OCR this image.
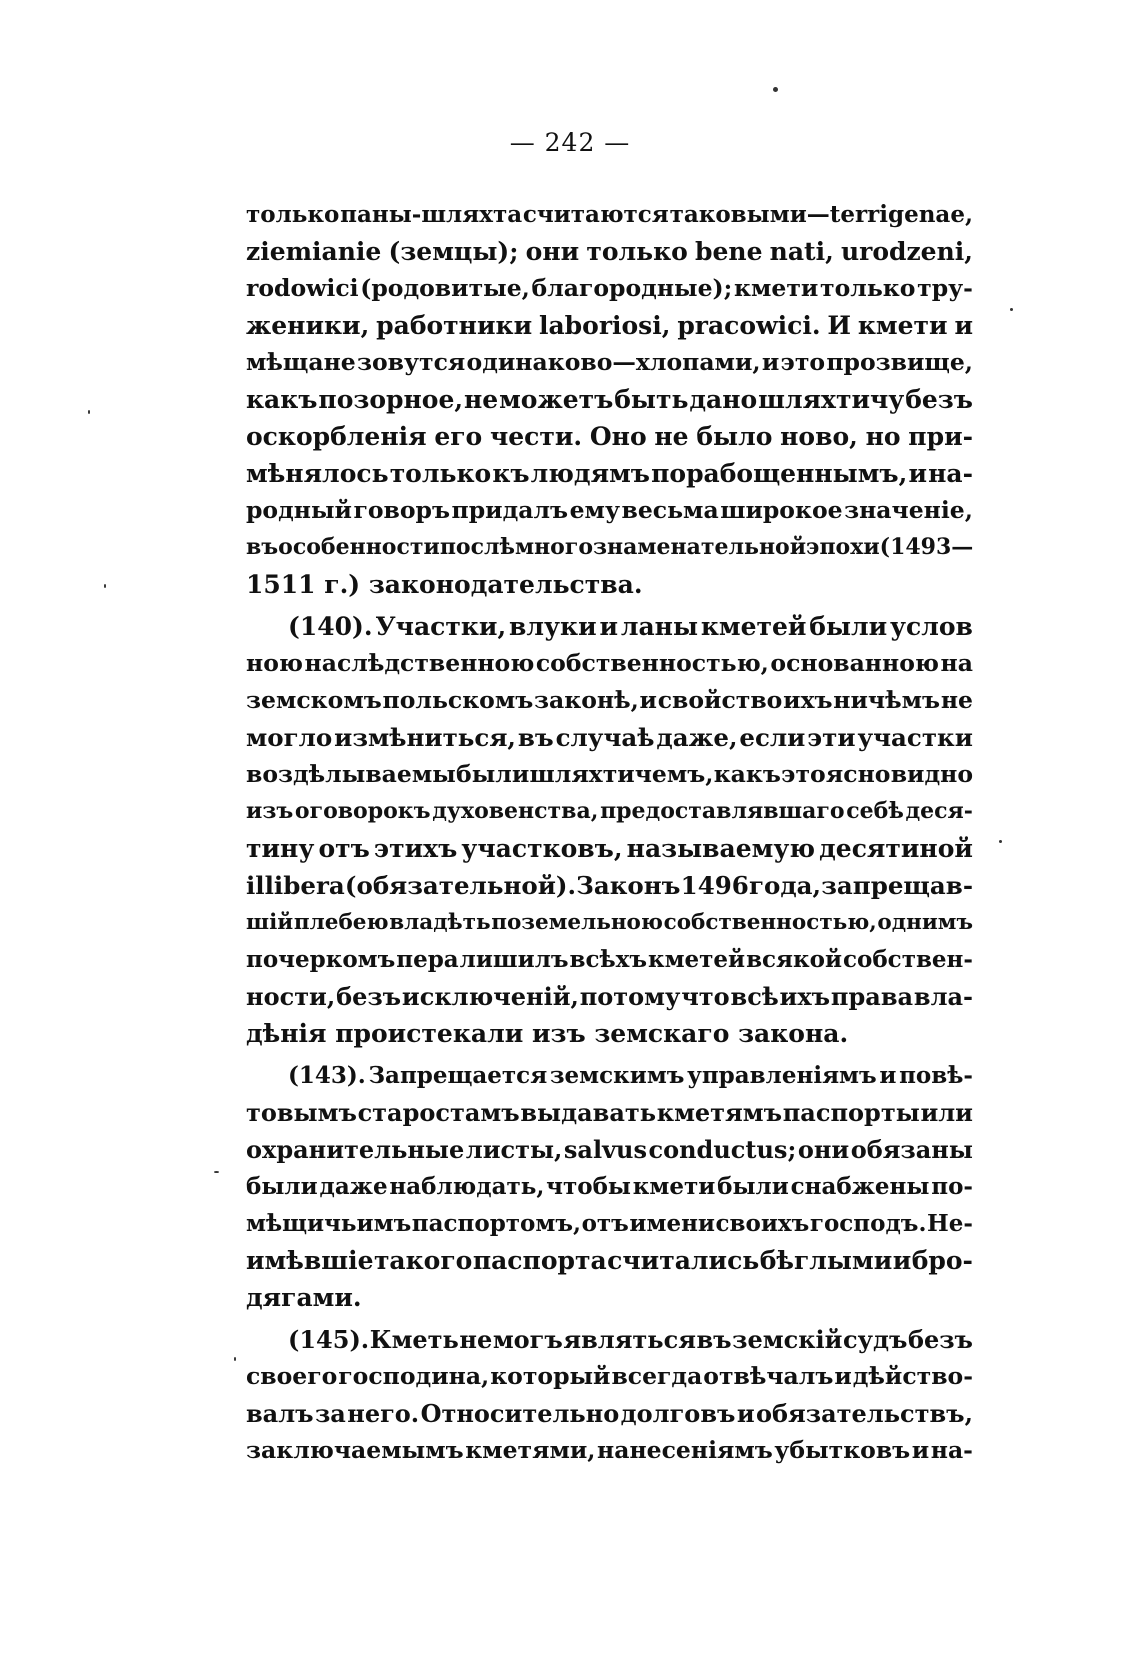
— 242 —
только паны-шляхта считаются таковыми—terrigenae,
ziemianie (земцы); они только bene nati, urodzeni,
rodowici (родовитые, благородные); кмети только тру-
женики, работники laboriosi, pracowici. И кмети и
мѣщане зовутся одинаково—хлопами, и это прозвище,
какъ позорное, не можетъ быть дано шляхтичу безъ
оскорбленія его чести. Оно не было ново, но при-
мѣнялось только къ людямъ порабощеннымъ, и на-
родный говоръ придалъ ему весьма широкое значеніе,
въ особенности послѣ многознаменательной эпохи (1493—
1511 г.) законодательства.
(140). Участки, влуки и ланы кметей были услов
ною наслѣдственною собственностью, основанною на
земскомъ польскомъ законѣ, и свойство ихъ ничѣмъ не
могло измѣниться, въ случаѣ даже, если эти участки
воздѣлываемы были шляхтичемъ, какъ это ясно видно
изъ оговорокъ духовенства, предоставлявшаго себѣ деся-
тину отъ этихъ участковъ, называемую десятиной
illibera (обязательной). Законъ 1496 года, запрещав-
шій плебею владѣть поземельною собственностью, однимъ
почеркомъ пера лишилъ всѣхъ кметей всякой собствен-
ности, безъ исключеній, потому что всѣ ихъ права вла-
дѣнія проистекали изъ земскаго закона.
(143). Запрещается земскимъ управленіямъ и повѣ-
товымъ старостамъ выдавать кметямъ паспорты или
охранительные листы, salvus conductus; они обязаны
были даже наблюдать, чтобы кмети были снабжены по-
мѣщичьимъ паспортомъ, отъ имени своихъ господъ. Не-
имѣвшіе такого паспорта считались бѣглыми и бро-
дягами.
(145). Кметь не могъ являться въ земскій судъ безъ
своего господина, который всегда отвѣчалъ и дѣйство-
валъ за него. Относительно долговъ и обязательствъ,
заключаемымъ кметями, нанесеніямъ убытковъ и на-
